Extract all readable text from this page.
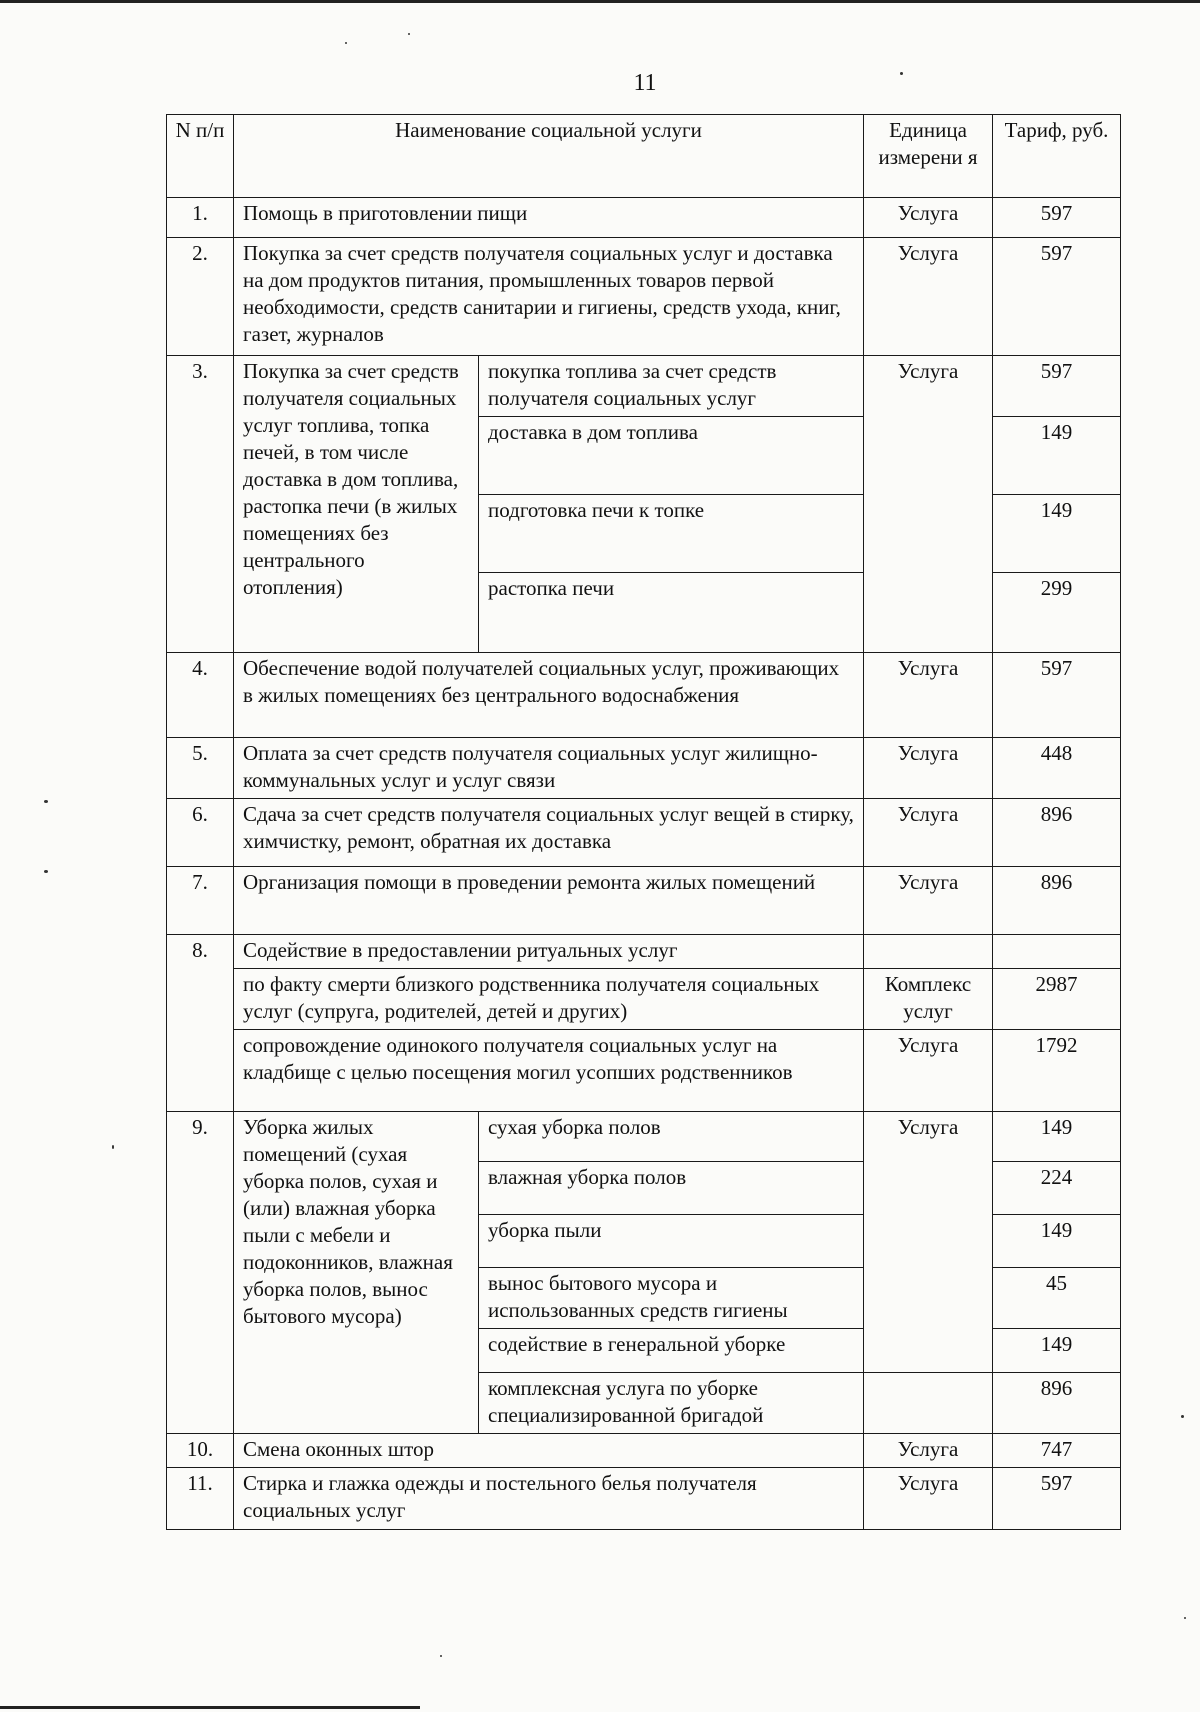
11
N п/п	Наименование социальной услуги		Единица измерени я	Тариф, руб.
1.	Помощь в приготовлении пищи		Услуга	597
2.	Покупка за счет средств получателя социальных услуг и доставка на дом продуктов питания, промышленных товаров первой необходимости, средств санитарии и гигиены, средств ухода, книг, газет, журналов		Услуга	597
3.	Покупка за счет средств получателя социальных услуг топлива, топка печей, в том числе доставка в дом топлива, растопка печи (в жилых помещениях без центрального отопления)	покупка топлива за счет средств получателя социальных услуг	Услуга	597
		доставка в дом топлива		149
		подготовка печи к топке		149
		растопка печи		299
4.	Обеспечение водой получателей социальных услуг, проживающих в жилых помещениях без центрального водоснабжения		Услуга	597
5.	Оплата за счет средств получателя социальных услуг жилищно-коммунальных услуг и услуг связи		Услуга	448
6.	Сдача за счет средств получателя социальных услуг вещей в стирку, химчистку, ремонт, обратная их доставка		Услуга	896
7.	Организация помощи в проведении ремонта жилых помещений		Услуга	896
8.	Содействие в предоставлении ритуальных услуг			
	по факту смерти близкого родственника получателя социальных услуг (супруга, родителей, детей и других)		Комплекс услуг	2987
	сопровождение одинокого получателя социальных услуг на кладбище с целью посещения могил усопших родственников		Услуга	1792
9.	Уборка жилых помещений (сухая уборка полов, сухая и (или) влажная уборка пыли с мебели и подоконников, влажная уборка полов, вынос бытового мусора)	сухая уборка полов	Услуга	149
		влажная уборка полов		224
		уборка пыли		149
		вынос бытового мусора и использованных средств гигиены		45
		содействие в генеральной уборке		149
		комплексная услуга по уборке специализированной бригадой		896
10.	Смена оконных штор		Услуга	747
11.	Стирка и глажка одежды и постельного белья получателя социальных услуг		Услуга	597
